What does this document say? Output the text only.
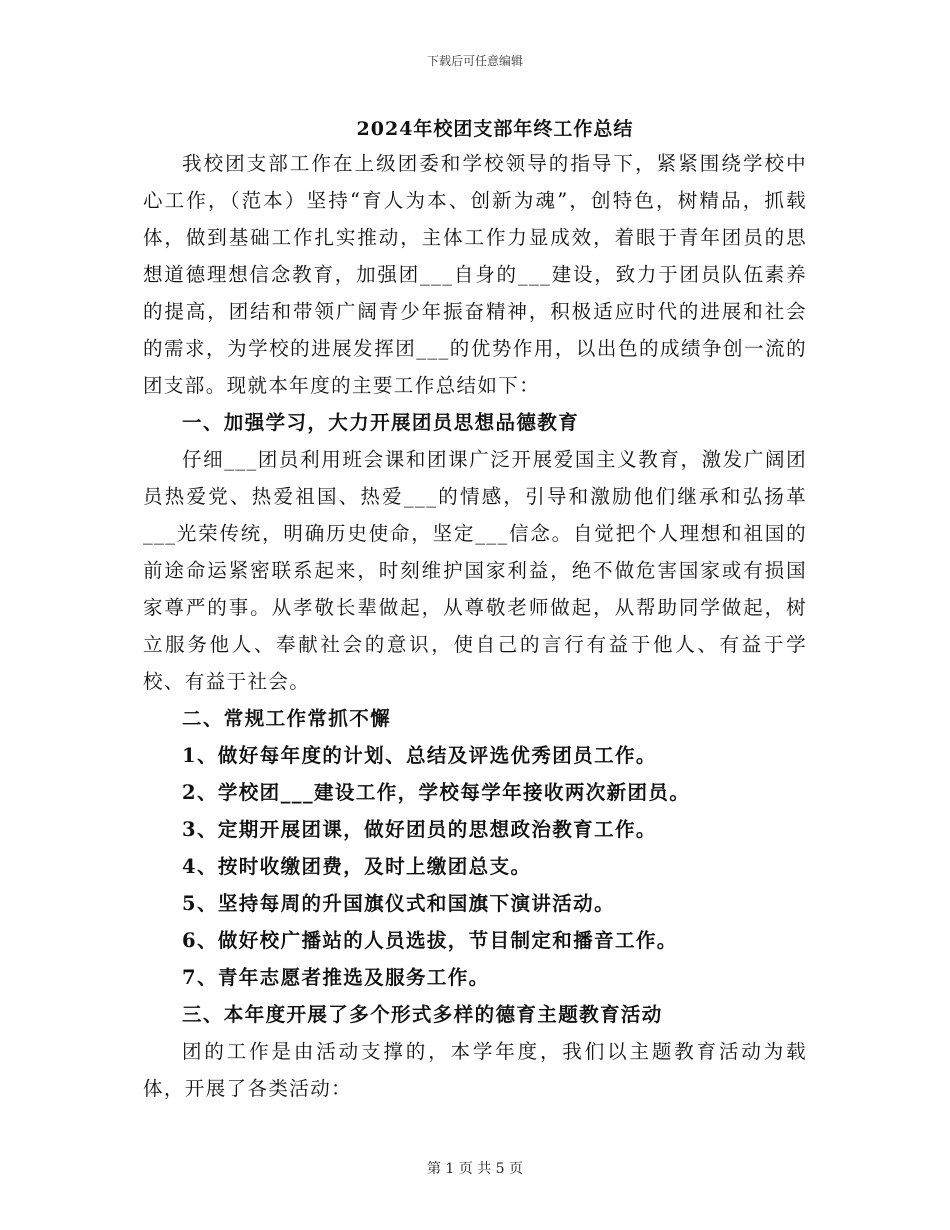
下载后可任意编辑
2024年校团支部年终工作总结

我校团支部工作在上级团委和学校领导的指导下，紧紧围绕学校中心工作，（范本）坚持“育人为本、创新为魂”，创特色，树精品，抓载体，做到基础工作扎实推动，主体工作力显成效，着眼于青年团员的思想道德理想信念教育，加强团___自身的___建设，致力于团员队伍素养的提高，团结和带领广阔青少年振奋精神，积极适应时代的进展和社会的需求，为学校的进展发挥团___的优势作用，以出色的成绩争创一流的团支部。现就本年度的主要工作总结如下：

一、加强学习，大力开展团员思想品德教育

仔细___团员利用班会课和团课广泛开展爱国主义教育，激发广阔团员热爱党、热爱祖国、热爱___的情感，引导和激励他们继承和弘扬革___光荣传统，明确历史使命，坚定___信念。自觉把个人理想和祖国的前途命运紧密联系起来，时刻维护国家利益，绝不做危害国家或有损国家尊严的事。从孝敬长辈做起，从尊敬老师做起，从帮助同学做起，树立服务他人、奉献社会的意识，使自己的言行有益于他人、有益于学校、有益于社会。

二、常规工作常抓不懈

1、做好每年度的计划、总结及评选优秀团员工作。

2、学校团___建设工作，学校每学年接收两次新团员。

3、定期开展团课，做好团员的思想政治教育工作。

4、按时收缴团费，及时上缴团总支。

5、坚持每周的升国旗仪式和国旗下演讲活动。

6、做好校广播站的人员选拔，节目制定和播音工作。

7、青年志愿者推选及服务工作。

三、本年度开展了多个形式多样的德育主题教育活动

团的工作是由活动支撑的，本学年度，我们以主题教育活动为载体，开展了各类活动：

第 1 页 共 5 页
